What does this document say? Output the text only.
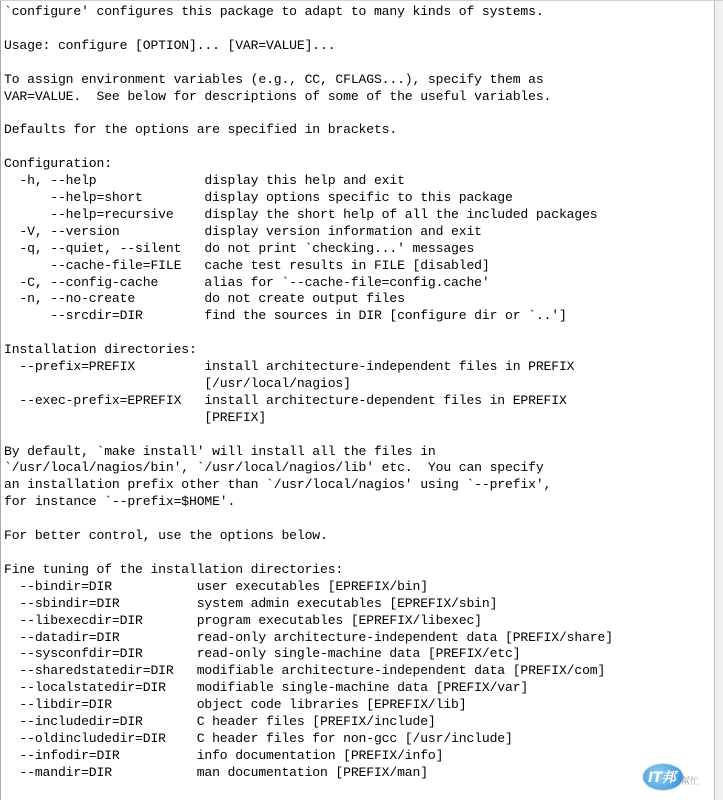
`configure' configures this package to adapt to many kinds of systems.
Usage: configure [OPTION]... [VAR=VALUE]...
To assign environment variables (e.g., CC, CFLAGS...), specify them as
VAR=VALUE.  See below for descriptions of some of the useful variables.
Defaults for the options are specified in brackets.
Configuration:
-h, --help              display this help and exit
--help=short        display options specific to this package
--help=recursive    display the short help of all the included packages
-V, --version           display version information and exit
-q, --quiet, --silent   do not print `checking...' messages
--cache-file=FILE   cache test results in FILE [disabled]
-C, --config-cache      alias for `--cache-file=config.cache'
-n, --no-create         do not create output files
--srcdir=DIR        find the sources in DIR [configure dir or `..']
Installation directories:
--prefix=PREFIX         install architecture-independent files in PREFIX
[/usr/local/nagios]
--exec-prefix=EPREFIX   install architecture-dependent files in EPREFIX
[PREFIX]
By default, `make install' will install all the files in
`/usr/local/nagios/bin', `/usr/local/nagios/lib' etc.  You can specify
an installation prefix other than `/usr/local/nagios' using `--prefix',
for instance `--prefix=$HOME'.
For better control, use the options below.
Fine tuning of the installation directories:
--bindir=DIR           user executables [EPREFIX/bin]
--sbindir=DIR          system admin executables [EPREFIX/sbin]
--libexecdir=DIR       program executables [EPREFIX/libexec]
--datadir=DIR          read-only architecture-independent data [PREFIX/share]
--sysconfdir=DIR       read-only single-machine data [PREFIX/etc]
--sharedstatedir=DIR   modifiable architecture-independent data [PREFIX/com]
--localstatedir=DIR    modifiable single-machine data [PREFIX/var]
--libdir=DIR           object code libraries [EPREFIX/lib]
--includedir=DIR       C header files [PREFIX/include]
--oldincludedir=DIR    C header files for non-gcc [/usr/include]
--infodir=DIR          info documentation [PREFIX/info]
--mandir=DIR           man documentation [PREFIX/man]	IT邦 幫忙
